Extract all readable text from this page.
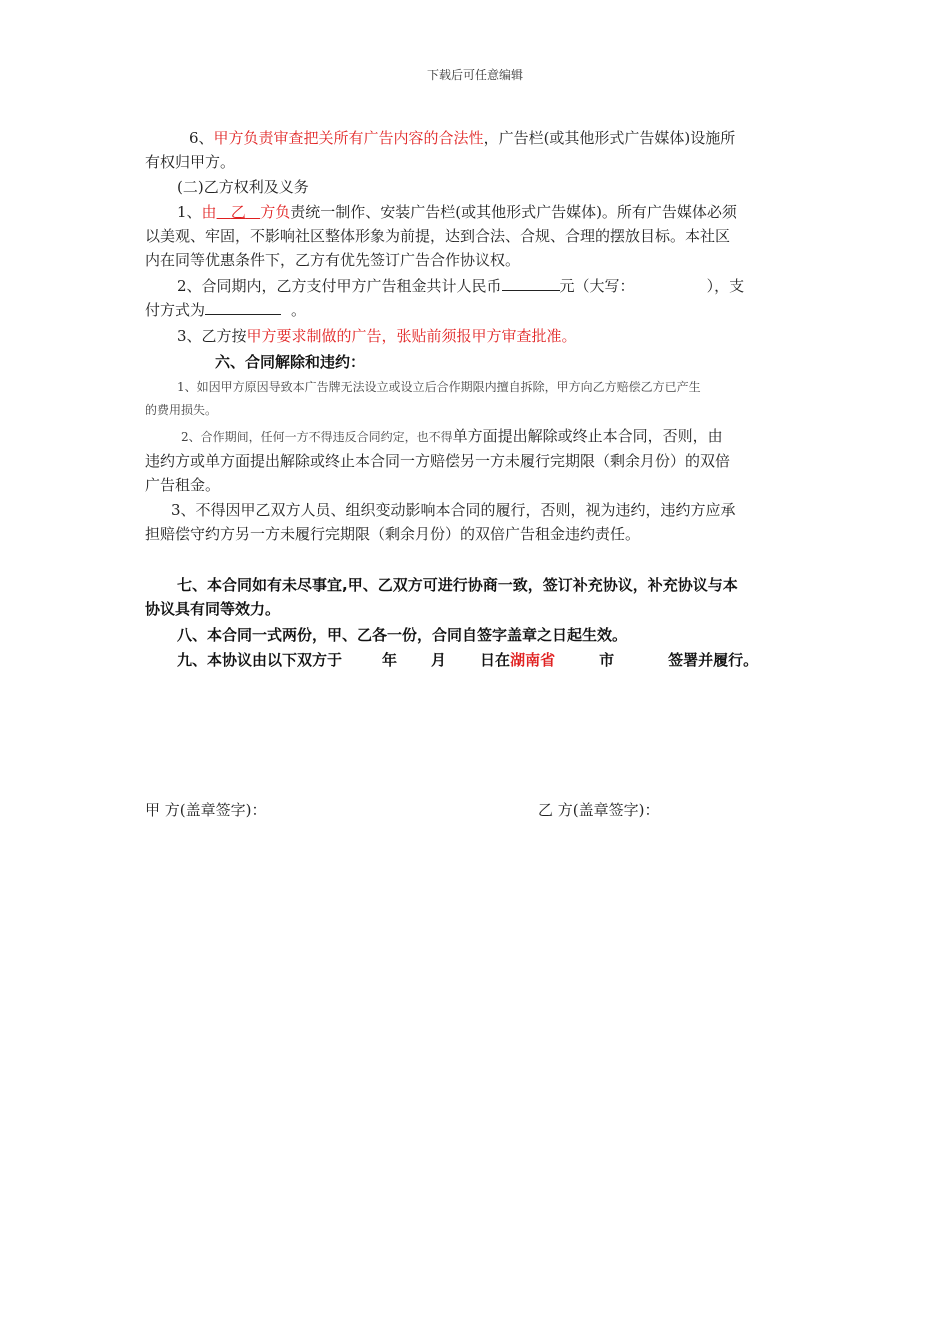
下载后可任意编辑
6、甲方负责审查把关所有广告内容的合法性，广告栏(或其他形式广告媒体)设施所
有权归甲方。
(二)乙方权利及义务
1、由 乙 方负责统一制作、安装广告栏(或其他形式广告媒体)。所有广告媒体必须
以美观、牢固，不影响社区整体形象为前提，达到合法、合规、合理的摆放目标。本社区
内在同等优惠条件下，乙方有优先签订广告合作协议权。
2、合同期内，乙方支付甲方广告租金共计人民币	元（大写：	），支
付方式为	。
3、乙方按甲方要求制做的广告，张贴前须报甲方审查批准。
六、合同解除和违约：
1、如因甲方原因导致本广告牌无法设立或设立后合作期限内擅自拆除，甲方向乙方赔偿乙方已产生
的费用损失。
2、合作期间，任何一方不得违反合同约定，也不得单方面提出解除或终止本合同，否则，由
违约方或单方面提出解除或终止本合同一方赔偿另一方未履行完期限（剩余月份）的双倍
广告租金。
3、不得因甲乙双方人员、组织变动影响本合同的履行，否则，视为违约，违约方应承
担赔偿守约方另一方未履行完期限（剩余月份）的双倍广告租金违约责任。
七、本合同如有未尽事宜,甲、乙双方可进行协商一致，签订补充协议，补充协议与本
协议具有同等效力。
八、本合同一式两份，甲、乙各一份，合同自签字盖章之日起生效。
九、本协议由以下双方于	年 月 日在湖南省	市	签署并履行。
甲 方(盖章签字)：	乙 方(盖章签字)：
